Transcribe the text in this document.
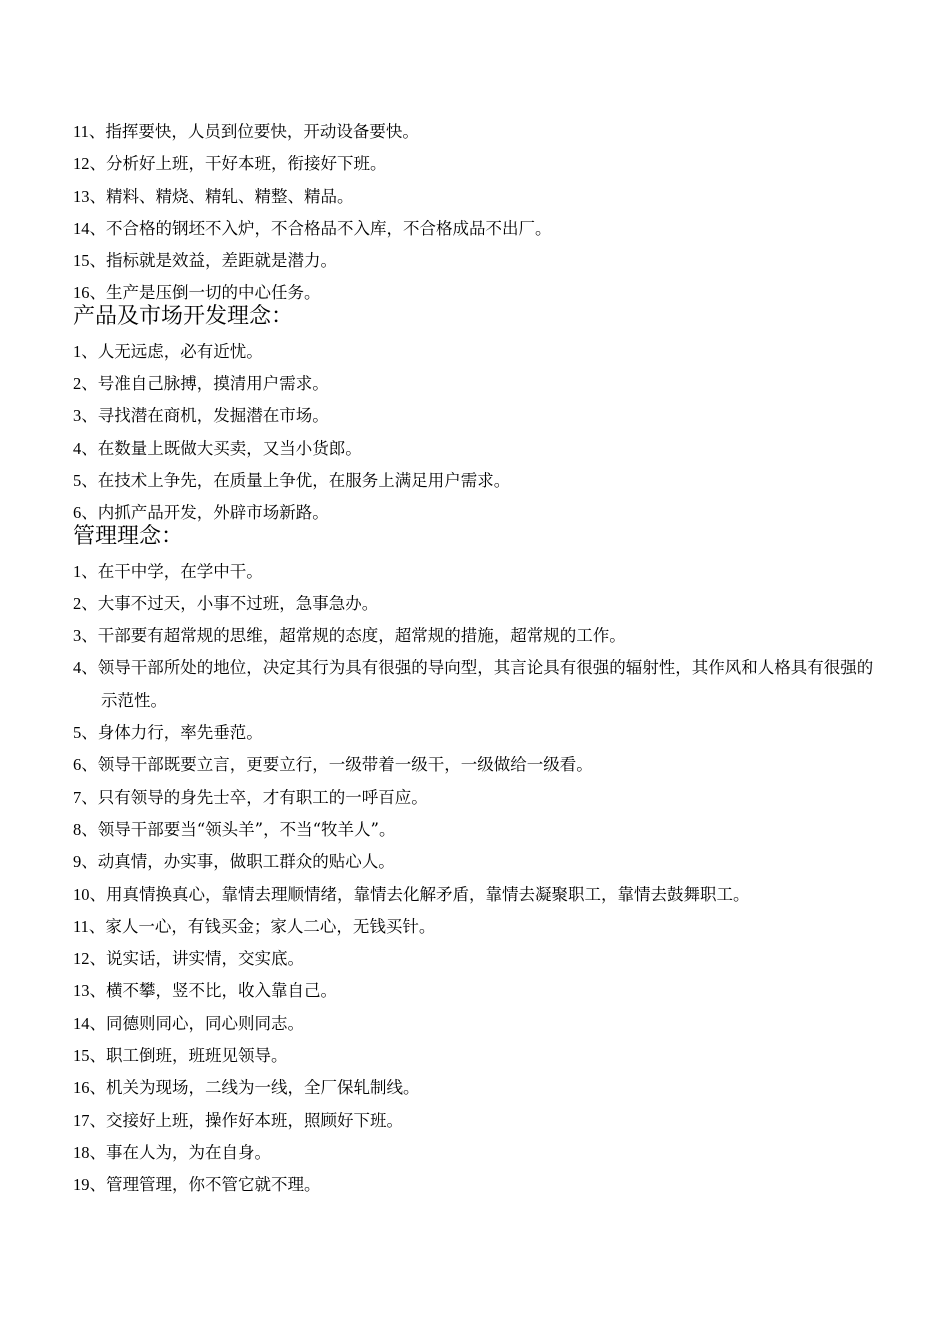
11、指挥要快，人员到位要快，开动设备要快。
12、分析好上班，干好本班，衔接好下班。
13、精料、精烧、精轧、精整、精品。
14、不合格的钢坯不入炉，不合格品不入库，不合格成品不出厂。
15、指标就是效益，差距就是潜力。
16、生产是压倒一切的中心任务。
产品及市场开发理念：
1、人无远虑，必有近忧。
2、号准自己脉搏，摸清用户需求。
3、寻找潜在商机，发掘潜在市场。
4、在数量上既做大买卖，又当小货郎。
5、在技术上争先，在质量上争优，在服务上满足用户需求。
6、内抓产品开发，外辟市场新路。
管理理念：
1、在干中学，在学中干。
2、大事不过天，小事不过班，急事急办。
3、干部要有超常规的思维，超常规的态度，超常规的措施，超常规的工作。
4、领导干部所处的地位，决定其行为具有很强的导向型，其言论具有很强的辐射性，其作风和人格具有很强的示范性。
5、身体力行，率先垂范。
6、领导干部既要立言，更要立行，一级带着一级干，一级做给一级看。
7、只有领导的身先士卒，才有职工的一呼百应。
8、领导干部要当“领头羊”，不当“牧羊人”。
9、动真情，办实事，做职工群众的贴心人。
10、用真情换真心，靠情去理顺情绪，靠情去化解矛盾，靠情去凝聚职工，靠情去鼓舞职工。
11、家人一心，有钱买金；家人二心，无钱买针。
12、说实话，讲实情，交实底。
13、横不攀，竖不比，收入靠自己。
14、同德则同心，同心则同志。
15、职工倒班，班班见领导。
16、机关为现场，二线为一线，全厂保轧制线。
17、交接好上班，操作好本班，照顾好下班。
18、事在人为，为在自身。
19、管理管理，你不管它就不理。
